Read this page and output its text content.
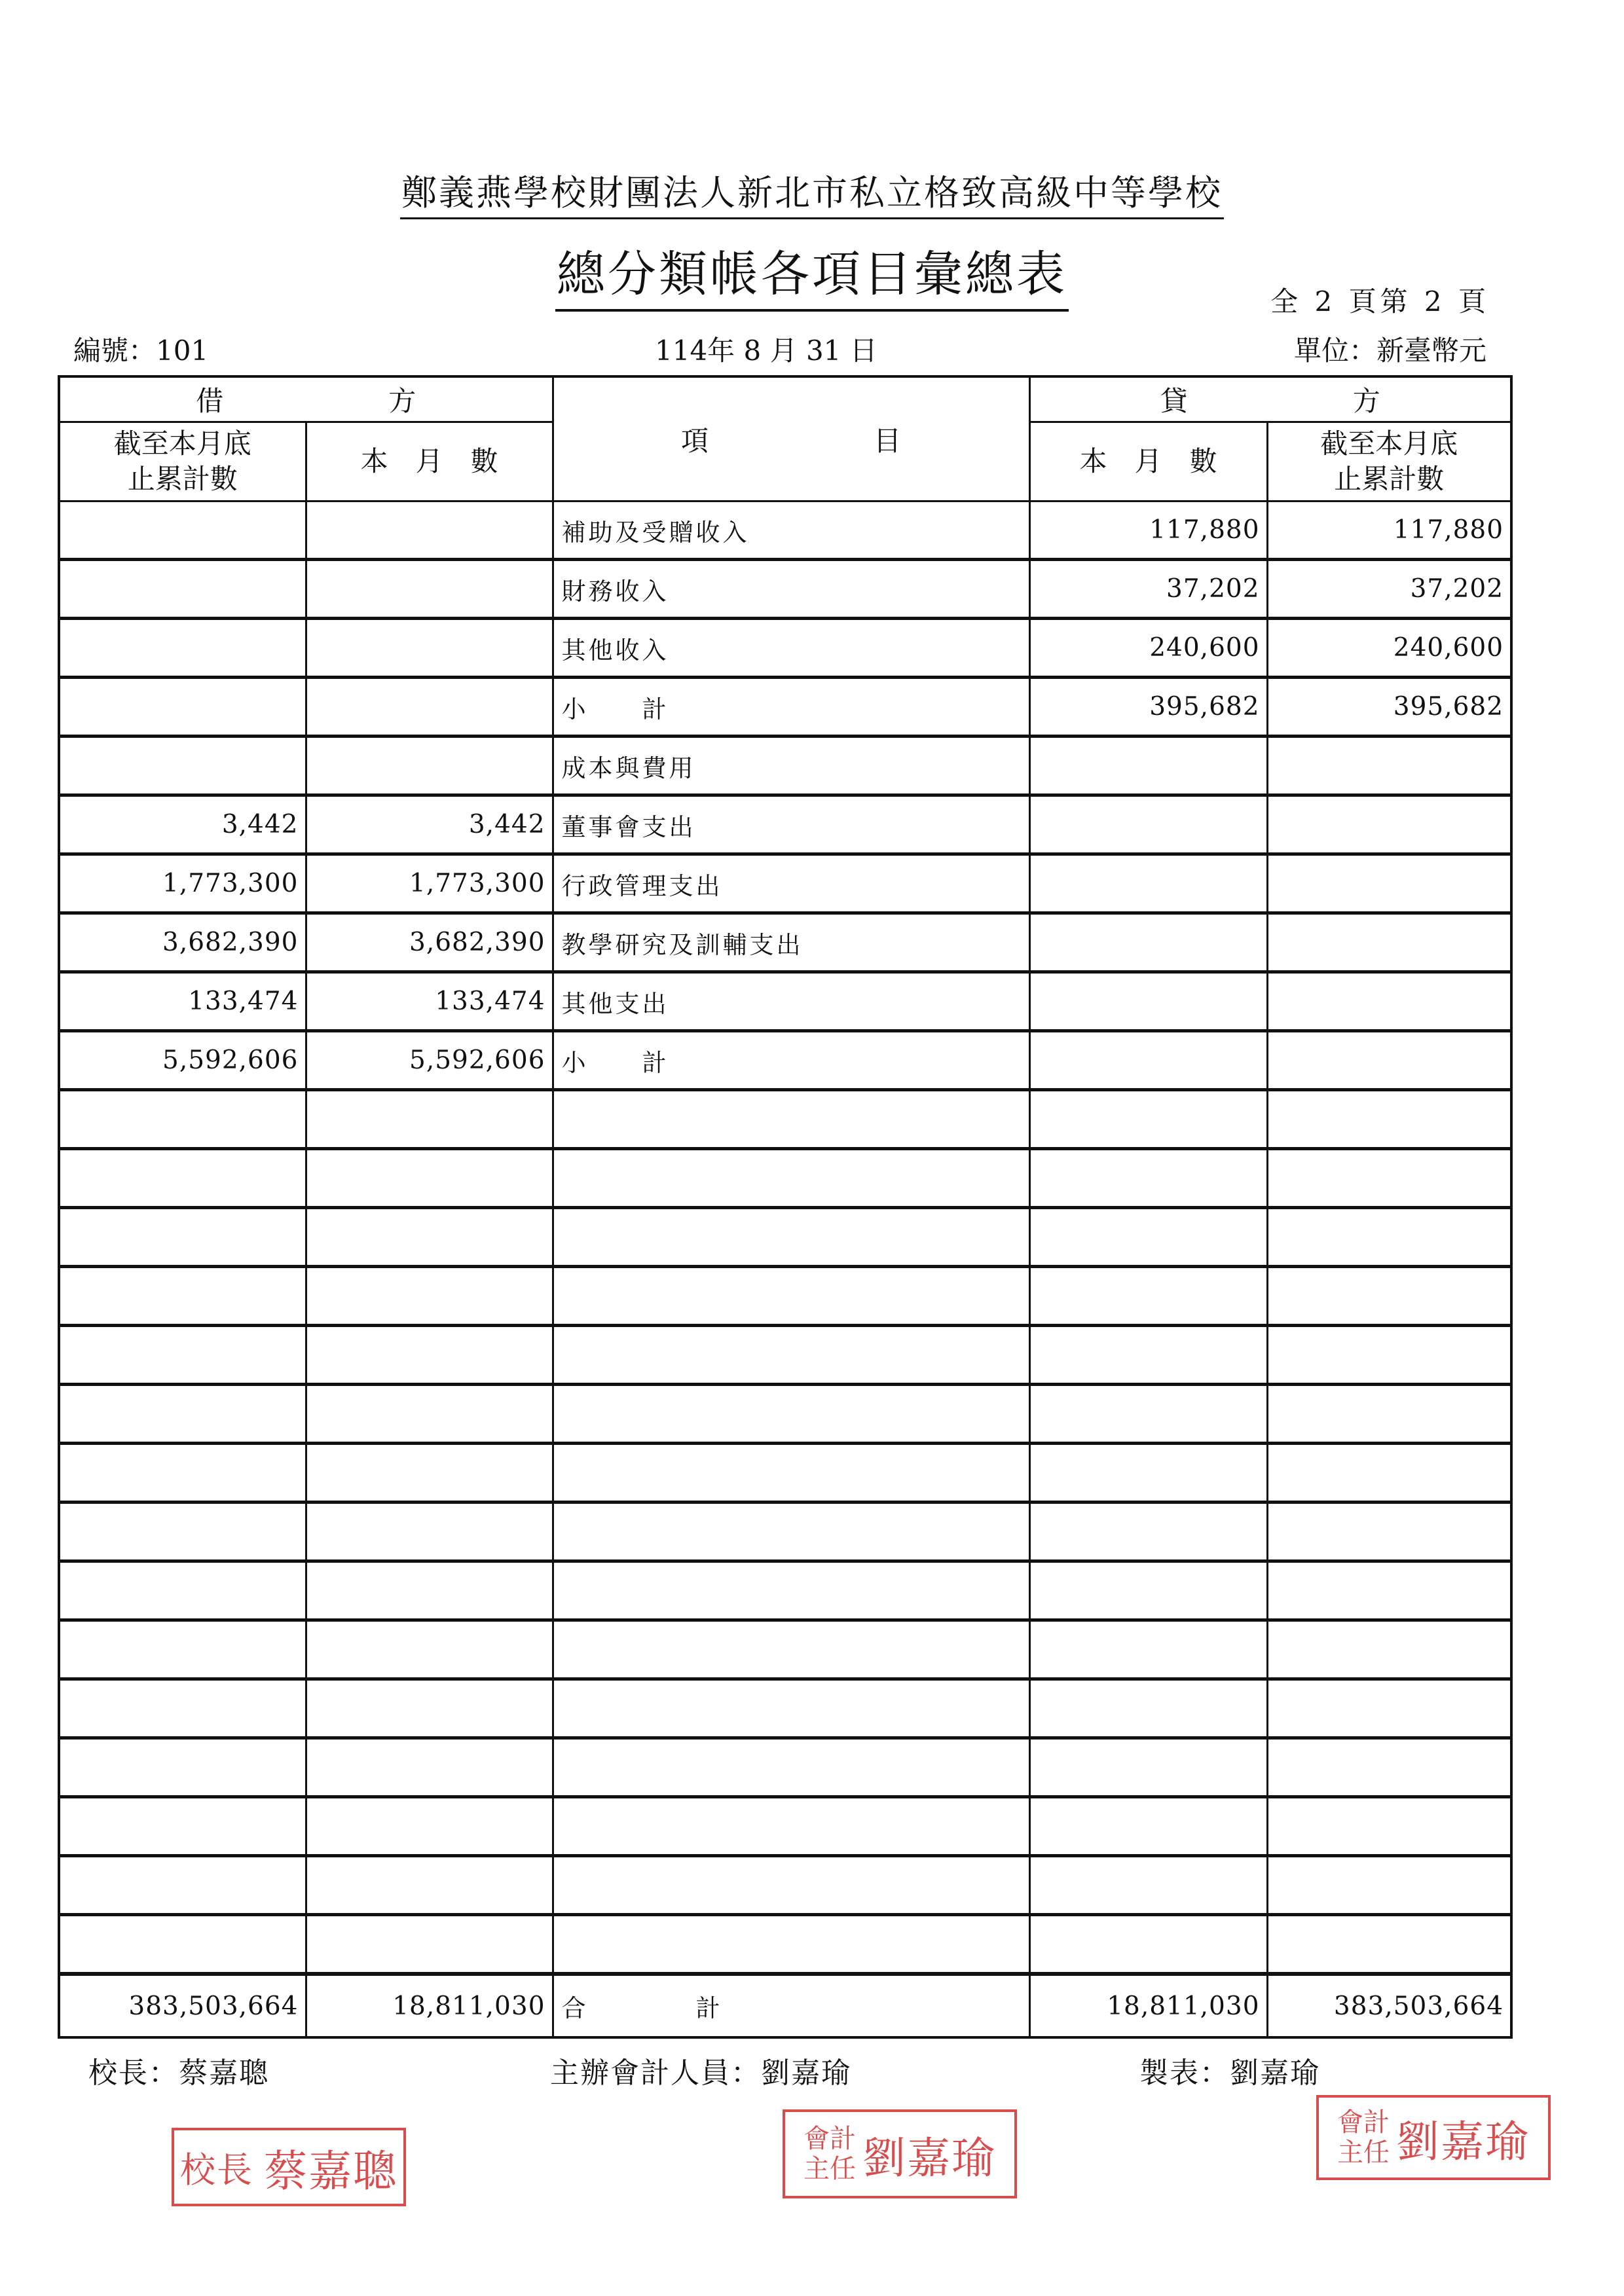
鄭義燕學校財團法人新北市私立格致高級中等學校
總分類帳各項目彙總表	全 2 頁第 2 頁
編號：101	114年 8 月 31 日	單位：新臺幣元
借　　　　　　方		項　　　　　　目	貸　　　　　　方	
截至本月底
止累計數	本　月　數		本　月　數	截至本月底
止累計數
		補助及受贈收入	117,880	117,880
		財務收入	37,202	37,202
		其他收入	240,600	240,600
		小　　計	395,682	395,682
		成本與費用		
3,442	3,442	董事會支出		
1,773,300	1,773,300	行政管理支出		
3,682,390	3,682,390	教學研究及訓輔支出		
133,474	133,474	其他支出		
5,592,606	5,592,606	小　　計		

383,503,664	18,811,030	合　　　　計	18,811,030	383,503,664
校長：蔡嘉聰	主辦會計人員：劉嘉瑜	製表：劉嘉瑜
校長 蔡嘉聰
會計
主任 劉嘉瑜
會計
主任 劉嘉瑜
